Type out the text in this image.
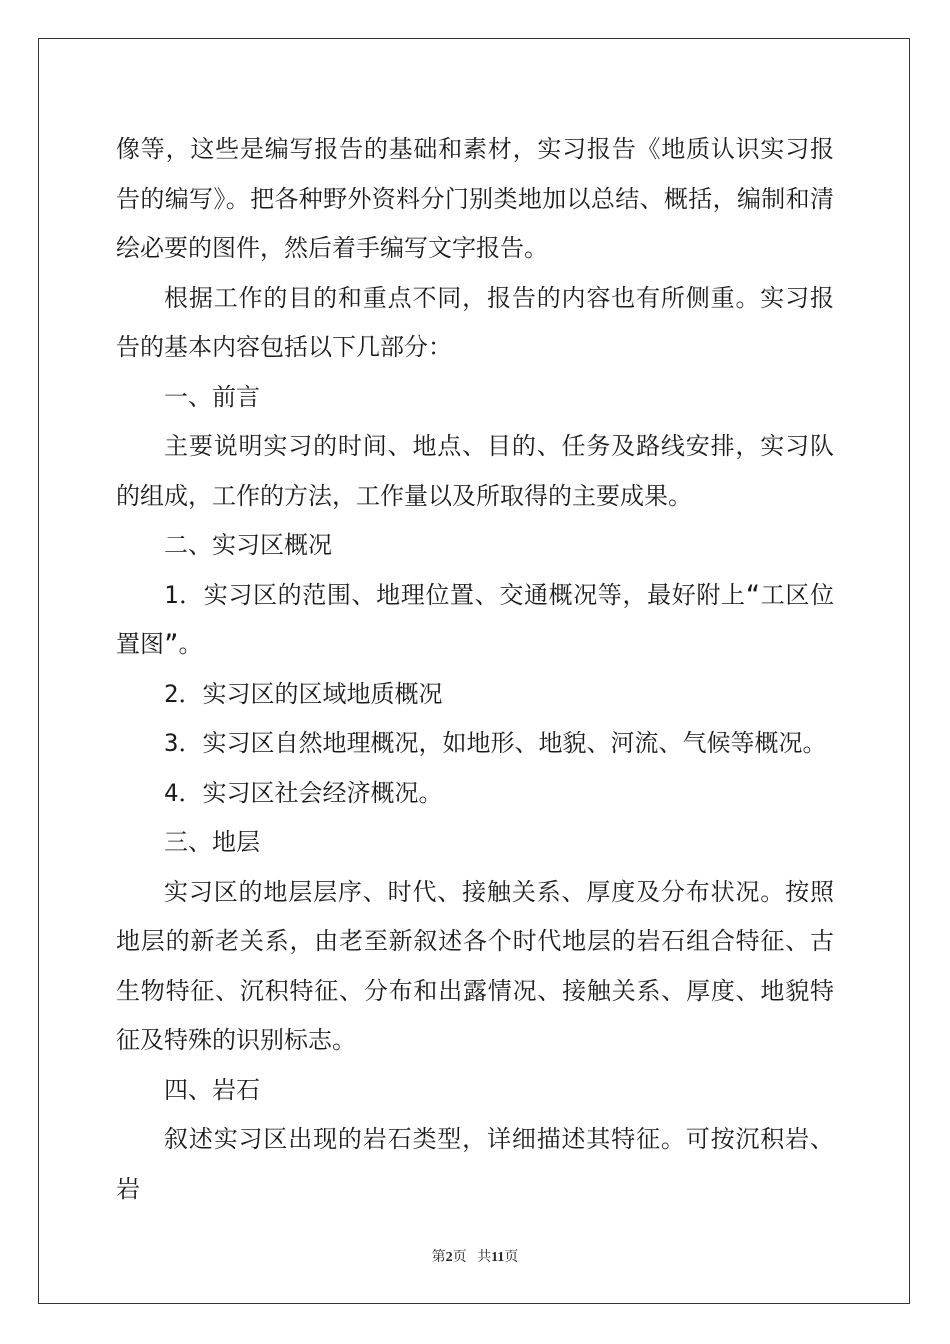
像等，这些是编写报告的基础和素材，实习报告《地质认识实习报告的编写》。把各种野外资料分门别类地加以总结、概括，编制和清绘必要的图件，然后着手编写文字报告。

根据工作的目的和重点不同，报告的内容也有所侧重。实习报告的基本内容包括以下几部分：

一、前言

主要说明实习的时间、地点、目的、任务及路线安排，实习队的组成，工作的方法，工作量以及所取得的主要成果。

二、实习区概况

1．实习区的范围、地理位置、交通概况等，最好附上“工区位置图”。

2．实习区的区域地质概况

3．实习区自然地理概况，如地形、地貌、河流、气候等概况。

4．实习区社会经济概况。

三、地层

实习区的地层层序、时代、接触关系、厚度及分布状况。按照地层的新老关系，由老至新叙述各个时代地层的岩石组合特征、古生物特征、沉积特征、分布和出露情况、接触关系、厚度、地貌特征及特殊的识别标志。

四、岩石

叙述实习区出现的岩石类型，详细描述其特征。可按沉积岩、岩

第2页 共11页
